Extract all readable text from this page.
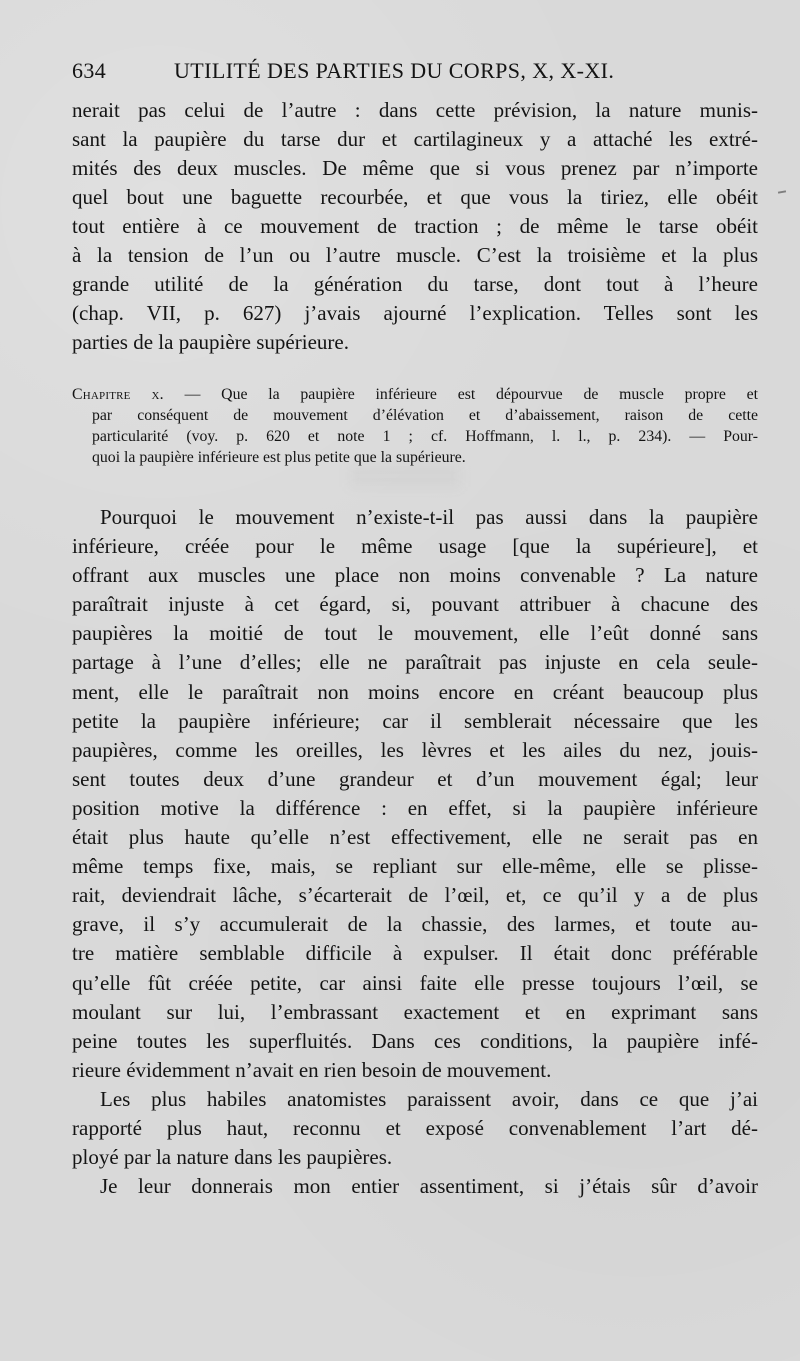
634	UTILITÉ DES PARTIES DU CORPS, X, X-XI.
nerait pas celui de l’autre : dans cette prévision, la nature munis-
sant la paupière du tarse dur et cartilagineux y a attaché les extré-
mités des deux muscles. De même que si vous prenez par n’importe
quel bout une baguette recourbée, et que vous la tiriez, elle obéit
tout entière à ce mouvement de traction ; de même le tarse obéit
à la tension de l’un ou l’autre muscle. C’est la troisième et la plus
grande utilité de la génération du tarse, dont tout à l’heure
(chap. VII, p. 627) j’avais ajourné l’explication. Telles sont les
parties de la paupière supérieure.
Chapitre x. — Que la paupière inférieure est dépourvue de muscle propre et
par conséquent de mouvement d’élévation et d’abaissement, raison de cette
particularité (voy. p. 620 et note 1 ; cf. Hoffmann, l. l., p. 234). — Pour-
quoi la paupière inférieure est plus petite que la supérieure.
Pourquoi le mouvement n’existe-t-il pas aussi dans la paupière
inférieure, créée pour le même usage [que la supérieure], et
offrant aux muscles une place non moins convenable ? La nature
paraîtrait injuste à cet égard, si, pouvant attribuer à chacune des
paupières la moitié de tout le mouvement, elle l’eût donné sans
partage à l’une d’elles; elle ne paraîtrait pas injuste en cela seule-
ment, elle le paraîtrait non moins encore en créant beaucoup plus
petite la paupière inférieure; car il semblerait nécessaire que les
paupières, comme les oreilles, les lèvres et les ailes du nez, jouis-
sent toutes deux d’une grandeur et d’un mouvement égal; leur
position motive la différence : en effet, si la paupière inférieure
était plus haute qu’elle n’est effectivement, elle ne serait pas en
même temps fixe, mais, se repliant sur elle-même, elle se plisse-
rait, deviendrait lâche, s’écarterait de l’œil, et, ce qu’il y a de plus
grave, il s’y accumulerait de la chassie, des larmes, et toute au-
tre matière semblable difficile à expulser. Il était donc préférable
qu’elle fût créée petite, car ainsi faite elle presse toujours l’œil, se
moulant sur lui, l’embrassant exactement et en exprimant sans
peine toutes les superfluités. Dans ces conditions, la paupière infé-
rieure évidemment n’avait en rien besoin de mouvement.
Les plus habiles anatomistes paraissent avoir, dans ce que j’ai
rapporté plus haut, reconnu et exposé convenablement l’art dé-
ployé par la nature dans les paupières.
Je leur donnerais mon entier assentiment, si j’étais sûr d’avoir
